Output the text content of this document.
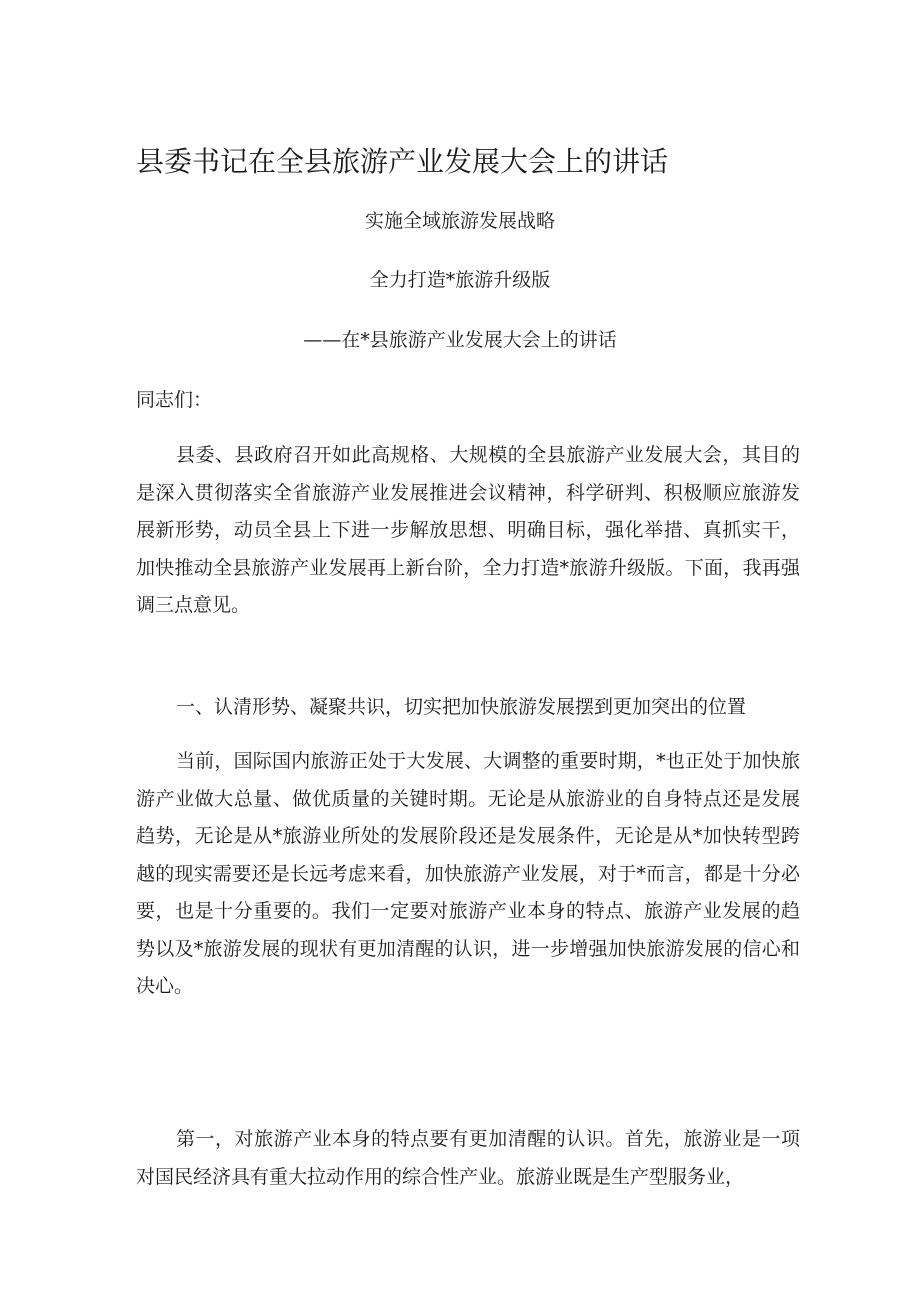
县委书记在全县旅游产业发展大会上的讲话

实施全域旅游发展战略

全力打造*旅游升级版

——在*县旅游产业发展大会上的讲话

同志们：

县委、县政府召开如此高规格、大规模的全县旅游产业发展大会，其目的是深入贯彻落实全省旅游产业发展推进会议精神，科学研判、积极顺应旅游发展新形势，动员全县上下进一步解放思想、明确目标，强化举措、真抓实干，加快推动全县旅游产业发展再上新台阶，全力打造*旅游升级版。下面，我再强调三点意见。

一、认清形势、凝聚共识，切实把加快旅游发展摆到更加突出的位置

当前，国际国内旅游正处于大发展、大调整的重要时期，*也正处于加快旅游产业做大总量、做优质量的关键时期。无论是从旅游业的自身特点还是发展趋势，无论是从*旅游业所处的发展阶段还是发展条件，无论是从*加快转型跨越的现实需要还是长远考虑来看，加快旅游产业发展，对于*而言，都是十分必要，也是十分重要的。我们一定要对旅游产业本身的特点、旅游产业发展的趋势以及*旅游发展的现状有更加清醒的认识，进一步增强加快旅游发展的信心和决心。

第一，对旅游产业本身的特点要有更加清醒的认识。首先，旅游业是一项对国民经济具有重大拉动作用的综合性产业。旅游业既是生产型服务业，
